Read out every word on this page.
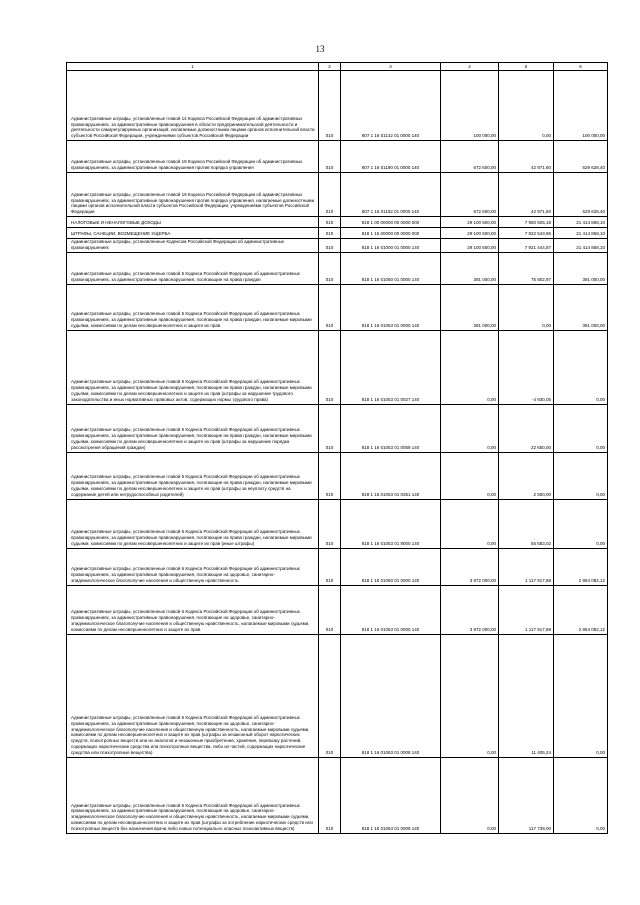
13
1	2	3	4	5	6
Административные штрафы, установленные главой 14 Кодекса Российской Федерации об административных правонарушениях, за административные правонарушения в области предпринимательской деятельности и деятельности саморегулируемых организаций, налагаемые должностными лицами органов исполнительной власти субъектов Российской Федерации, учреждениями субъектов Российской Федерации	010	807 1 16 01142 01 0000 140	100 000,00	0,00	100 000,00
Административные штрафы, установленные главой 19 Кодекса Российской Федерации об административных правонарушениях, за административные правонарушения против порядка управления	010	807 1 16 01190 01 0000 140	672 600,00	42 971,60	629 628,40
Административные штрафы, установленные главой 19 Кодекса Российской Федерации об административных правонарушениях, за административные правонарушения против порядка управления, налагаемые должностными лицами органов исполнительной власти субъектов Российской Федерации, учреждениями субъектов Российской Федерации	010	807 1 16 01192 01 0000 140	672 600,00	42 971,60	629 628,40
НАЛОГОВЫЕ И НЕНАЛОГОВЫЕ ДОХОДЫ	010	818 1 00 00000 00 0000 000	29 100 500,00	7 950 925,18	21 414 858,10
ШТРАФЫ, САНКЦИИ, ВОЗМЕЩЕНИЕ УЩЕРБА	010	818 1 16 00000 00 0000 000	29 100 500,00	7 922 543,96	21 414 858,10
Административные штрафы, установленные Кодексом Российской Федерации об административных правонарушениях	010	818 1 16 01000 01 0000 140	29 100 500,00	7 921 444,87	21 414 858,10
Административные штрафы, установленные главой 5 Кодекса Российской Федерации об административных правонарушениях, за административные правонарушения, посягающие на права граждан	010	818 1 16 01050 01 0000 140	391 000,00	75 802,97	391 000,00
Административные штрафы, установленные главой 5 Кодекса Российской Федерации об административных правонарушениях, за административные правонарушения, посягающие на права граждан, налагаемые мировыми судьями, комиссиями по делам несовершеннолетних и защите их прав	010	818 1 16 01053 01 0000 140	391 000,00	0,00	391 000,00
Административные штрафы, установленные главой 5 Кодекса Российской Федерации об административных правонарушениях, за административные правонарушения, посягающие на права граждан, налагаемые мировыми судьями, комиссиями по делам несовершеннолетних и защите их прав (штрафы за нарушение трудового законодательства и иных нормативных правовых актов, содержащих нормы трудового права)	010	818 1 16 01053 01 0027 140	0,00	-4 930,05	0,00
Административные штрафы, установленные главой 5 Кодекса Российской Федерации об административных правонарушениях, за административные правонарушения, посягающие на права граждан, налагаемые мировыми судьями, комиссиями по делам несовершеннолетних и защите их прав (штрафы за нарушение порядка рассмотрения обращений граждан)	010	818 1 16 01053 01 0059 140	0,00	22 650,00	0,00
Административные штрафы, установленные главой 5 Кодекса Российской Федерации об административных правонарушениях, за административные правонарушения, посягающие на права граждан, налагаемые мировыми судьями, комиссиями по делам несовершеннолетних и защите их прав (штрафы за неуплату средств на содержание детей или нетрудоспособных родителей)	010	818 1 16 01053 01 0351 140	0,00	2 500,00	0,00
Административные штрафы, установленные главой 5 Кодекса Российской Федерации об административных правонарушениях, за административные правонарушения, посягающие на права граждан, налагаемые мировыми судьями, комиссиями по делам несовершеннолетних и защите их прав (иные штрафы)	010	818 1 16 01053 01 9000 140	0,00	55 583,02	0,00
Административные штрафы, установленные главой 6 Кодекса Российской Федерации об административных правонарушениях, за административные правонарушения, посягающие на здоровье, санитарно-эпидемиологическое благополучие населения и общественную нравственность	010	818 1 16 01060 01 0000 140	3 972 000,00	1 117 917,88	2 854 082,12
Административные штрафы, установленные главой 6 Кодекса Российской Федерации об административных правонарушениях, за административные правонарушения, посягающие на здоровье, санитарно-эпидемиологическое благополучие населения и общественную нравственность, налагаемые мировыми судьями, комиссиями по делам несовершеннолетних и защите их прав	010	818 1 16 01063 01 0000 140	3 972 000,00	1 117 917,88	2 854 082,12
Административные штрафы, установленные главой 6 Кодекса Российской Федерации об административных правонарушениях, за административные правонарушения, посягающие на здоровье, санитарно-эпидемиологическое благополучие населения и общественную нравственность, налагаемые мировыми судьями, комиссиями по делам несовершеннолетних и защите их прав (штрафы за незаконный оборот наркотических средств, психотропных веществ или их аналогов и незаконные приобретение, хранение, перевозку растений, содержащих наркотические средства или психотропные вещества, либо их частей, содержащих наркотические средства или психотропные вещества)	010	818 1 16 01063 01 0008 140	0,00	11 405,24	0,00
Административные штрафы, установленные главой 6 Кодекса Российской Федерации об административных правонарушениях, за административные правонарушения, посягающие на здоровье, санитарно-эпидемиологическое благополучие населения и общественную нравственность, налагаемые мировыми судьями, комиссиями по делам несовершеннолетних и защите их прав (штрафы за потребление наркотических средств или психотропных веществ без назначения врача либо новых потенциально опасных психоактивных веществ)	010	818 1 16 01063 01 0009 140	0,00	117 739,00	0,00
